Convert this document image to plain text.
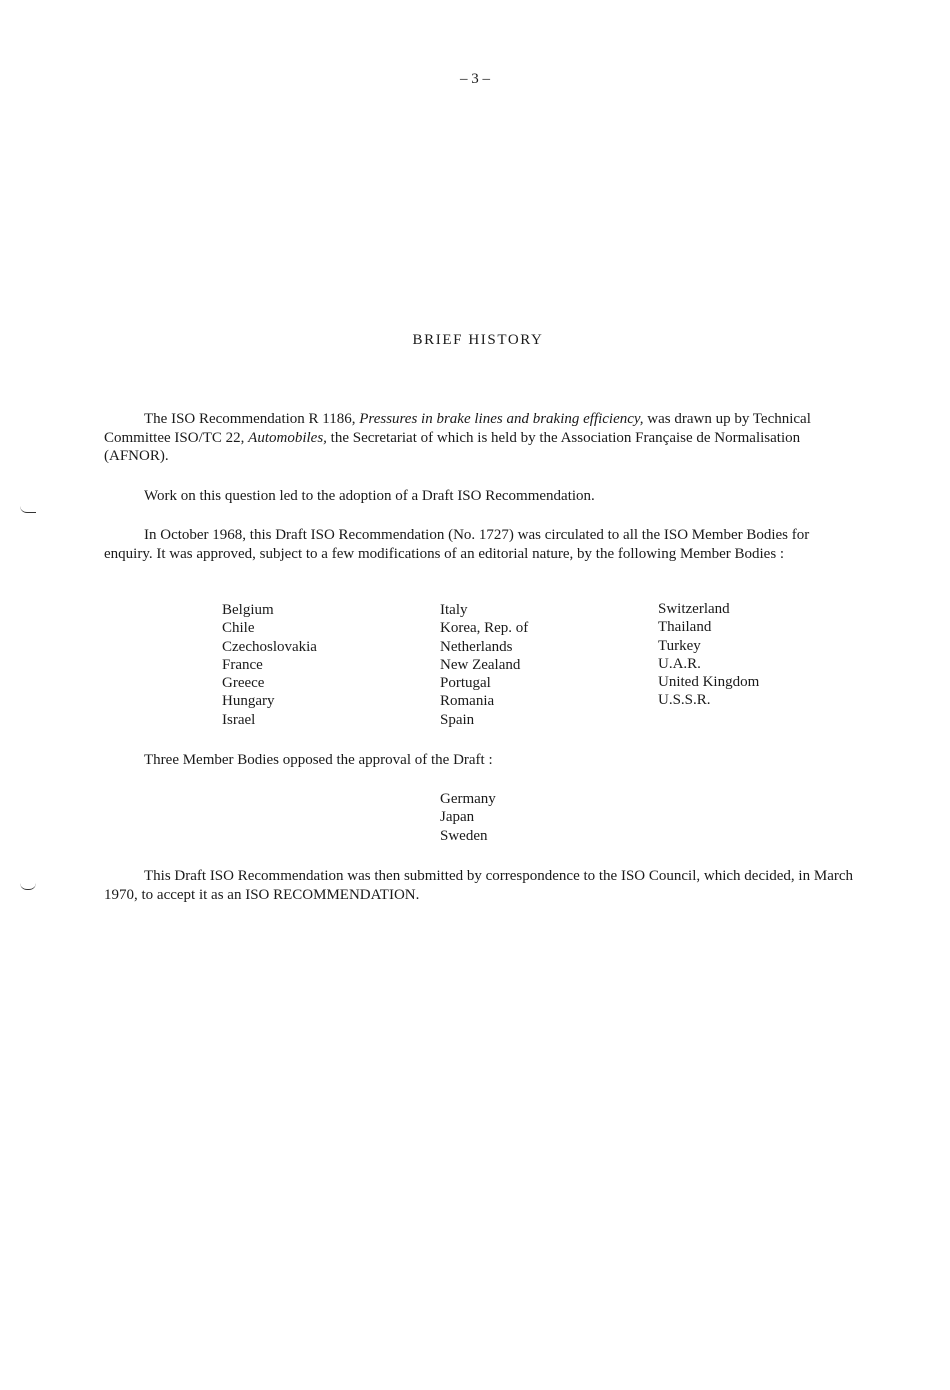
– 3 –
BRIEF HISTORY

The ISO Recommendation R 1186, Pressures in brake lines and braking efficiency, was drawn up by Technical Committee ISO/TC 22, Automobiles, the Secretariat of which is held by the Association Française de Normalisation (AFNOR).

Work on this question led to the adoption of a Draft ISO Recommendation.

In October 1968, this Draft ISO Recommendation (No. 1727) was circulated to all the ISO Member Bodies for enquiry. It was approved, subject to a few modifications of an editorial nature, by the following Member Bodies :

Belgium
Chile
Czechoslovakia
France
Greece
Hungary
Israel
Italy
Korea, Rep. of
Netherlands
New Zealand
Portugal
Romania
Spain
Switzerland
Thailand
Turkey
U.A.R.
United Kingdom
U.S.S.R.

Three Member Bodies opposed the approval of the Draft :

Germany
Japan
Sweden

This Draft ISO Recommendation was then submitted by correspondence to the ISO Council, which decided, in March 1970, to accept it as an ISO RECOMMENDATION.
